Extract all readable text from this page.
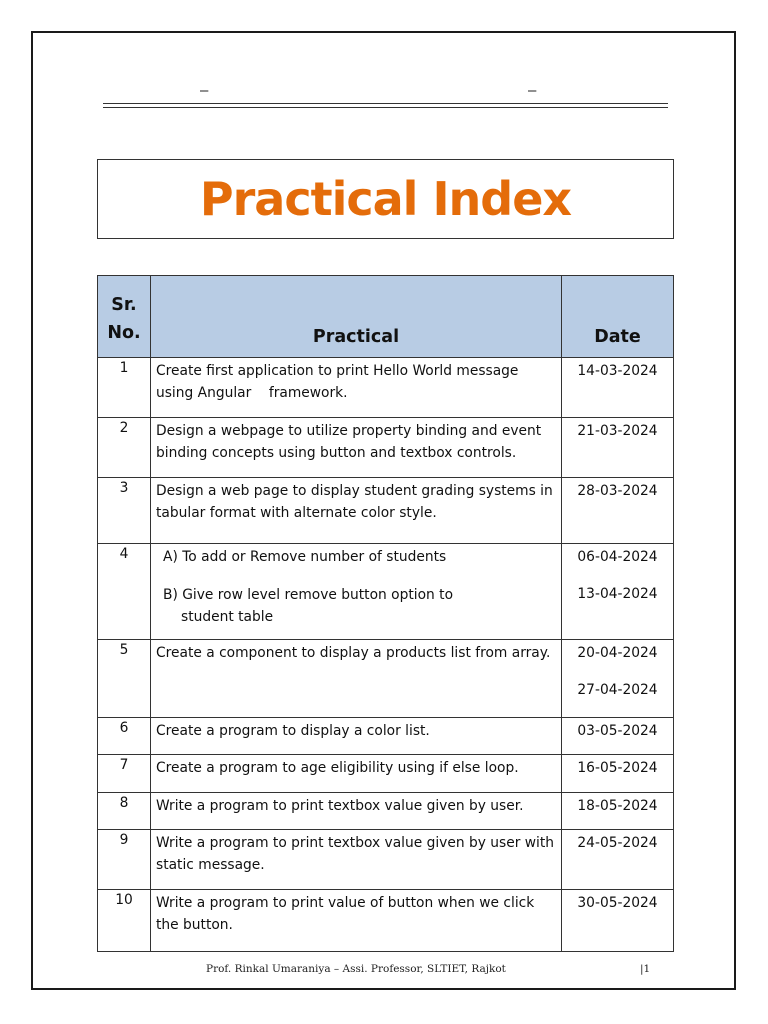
–	–
Practical Index
Sr.
No.	Practical	Date
1	Create first application to print Hello World message using Angular    framework.	14-03-2024
2	Design a webpage to utilize property binding and event binding concepts using button and textbox controls.	21-03-2024
3	Design a web page to display student grading systems in tabular format with alternate color style.	28-03-2024
4	A) To add or Remove number of students
B) Give row level remove button option to
student table	06-04-2024
13-04-2024

5	Create a component to display a products list from array.	20-04-2024
27-04-2024

6	Create a program to display a color list.	03-05-2024
7	Create a program to age eligibility using if else loop.	16-05-2024
8	Write a program to print textbox value given by user.	18-05-2024
9	Write a program to print textbox value given by user with static message.	24-05-2024
10	Write a program to print value of button when we click the button.	30-05-2024
Prof. Rinkal Umaraniya – Assi. Professor, SLTIET, Rajkot	|1
